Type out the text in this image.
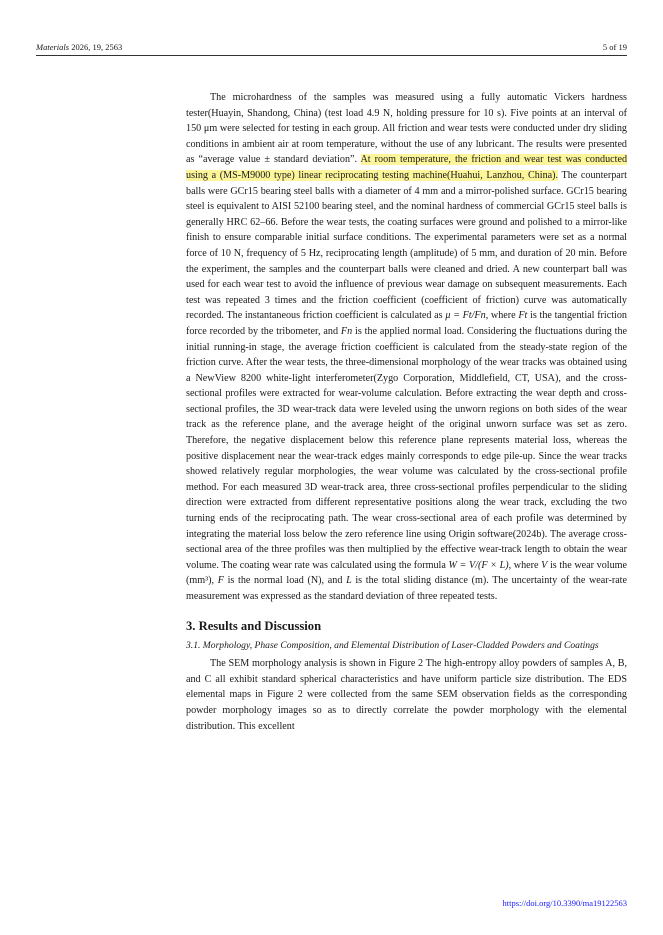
Materials 2026, 19, 2563	5 of 19

The microhardness of the samples was measured using a fully automatic Vickers hardness tester(Huayin, Shandong, China) (test load 4.9 N, holding pressure for 10 s). Five points at an interval of 150 μm were selected for testing in each group. All friction and wear tests were conducted under dry sliding conditions in ambient air at room temperature, without the use of any lubricant. The results were presented as “average value ± standard deviation”. At room temperature, the friction and wear test was conducted using a (MS-M9000 type) linear reciprocating testing machine(Huahui, Lanzhou, China). The counterpart balls were GCr15 bearing steel balls with a diameter of 4 mm and a mirror-polished surface. GCr15 bearing steel is equivalent to AISI 52100 bearing steel, and the nominal hardness of commercial GCr15 steel balls is generally HRC 62–66. Before the wear tests, the coating surfaces were ground and polished to a mirror-like finish to ensure comparable initial surface conditions. The experimental parameters were set as a normal force of 10 N, frequency of 5 Hz, reciprocating length (amplitude) of 5 mm, and duration of 20 min. Before the experiment, the samples and the counterpart balls were cleaned and dried. A new counterpart ball was used for each wear test to avoid the influence of previous wear damage on subsequent measurements. Each test was repeated 3 times and the friction coefficient (coefficient of friction) curve was automatically recorded. The instantaneous friction coefficient is calculated as μ = Ft/Fn, where Ft is the tangential friction force recorded by the tribometer, and Fn is the applied normal load. Considering the fluctuations during the initial running-in stage, the average friction coefficient is calculated from the steady-state region of the friction curve. After the wear tests, the three-dimensional morphology of the wear tracks was obtained using a NewView 8200 white-light interferometer(Zygo Corporation, Middlefield, CT, USA), and the cross-sectional profiles were extracted for wear-volume calculation. Before extracting the wear depth and cross-sectional profiles, the 3D wear-track data were leveled using the unworn regions on both sides of the wear track as the reference plane, and the average height of the original unworn surface was set as zero. Therefore, the negative displacement below this reference plane represents material loss, whereas the positive displacement near the wear-track edges mainly corresponds to edge pile-up. Since the wear tracks showed relatively regular morphologies, the wear volume was calculated by the cross-sectional profile method. For each measured 3D wear-track area, three cross-sectional profiles perpendicular to the sliding direction were extracted from different representative positions along the wear track, excluding the two turning ends of the reciprocating path. The wear cross-sectional area of each profile was determined by integrating the material loss below the zero reference line using Origin software(2024b). The average cross-sectional area of the three profiles was then multiplied by the effective wear-track length to obtain the wear volume. The coating wear rate was calculated using the formula W = V/(F × L), where V is the wear volume (mm³), F is the normal load (N), and L is the total sliding distance (m). The uncertainty of the wear-rate measurement was expressed as the standard deviation of three repeated tests.

3. Results and Discussion
3.1. Morphology, Phase Composition, and Elemental Distribution of Laser-Cladded Powders and Coatings

The SEM morphology analysis is shown in Figure 2 The high-entropy alloy powders of samples A, B, and C all exhibit standard spherical characteristics and have uniform particle size distribution. The EDS elemental maps in Figure 2 were collected from the same SEM observation fields as the corresponding powder morphology images so as to directly correlate the powder morphology with the elemental distribution. This excellent

https://doi.org/10.3390/ma19122563
